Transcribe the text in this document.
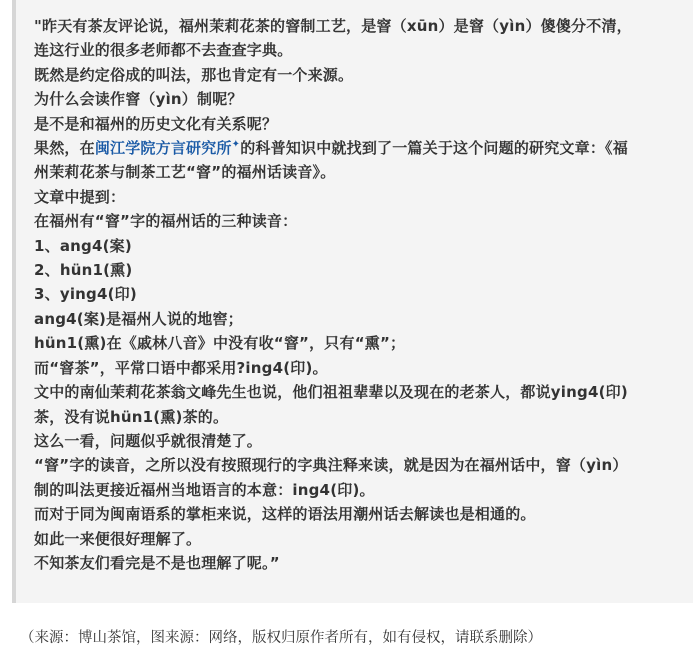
"昨天有茶友评论说，福州茉莉花茶的窨制工艺，是窨（xūn）是窨（yìn）傻傻分不清，
连这行业的很多老师都不去查查字典。
既然是约定俗成的叫法，那也肯定有一个来源。
为什么会读作窨（yìn）制呢？
是不是和福州的历史文化有关系呢？
果然，在闽江学院方言研究所✦的科普知识中就找到了一篇关于这个问题的研究文章：《福
州茉莉花茶与制茶工艺“窨”的福州话读音》。
文章中提到：
在福州有“窨”字的福州话的三种读音：
1、ang4(案)
2、hün1(熏)
3、ying4(印)
ang4(案)是福州人说的地窖；
hün1(熏)在《戚林八音》中没有收“窨”，只有“熏”；
而“窨茶”，平常口语中都采用?ing4(印)。
文中的南仙茉莉花茶翁文峰先生也说，他们祖祖辈辈以及现在的老茶人，都说ying4(印)
茶，没有说hün1(熏)茶的。
这么一看，问题似乎就很清楚了。
“窨”字的读音，之所以没有按照现行的字典注释来读，就是因为在福州话中，窨（yìn）
制的叫法更接近福州当地语言的本意：ing4(印)。
而对于同为闽南语系的掌柜来说，这样的语法用潮州话去解读也是相通的。
如此一来便很好理解了。
不知茶友们看完是不是也理解了呢。”
（来源：博山茶馆，图来源：网络，版权归原作者所有，如有侵权，请联系删除）
